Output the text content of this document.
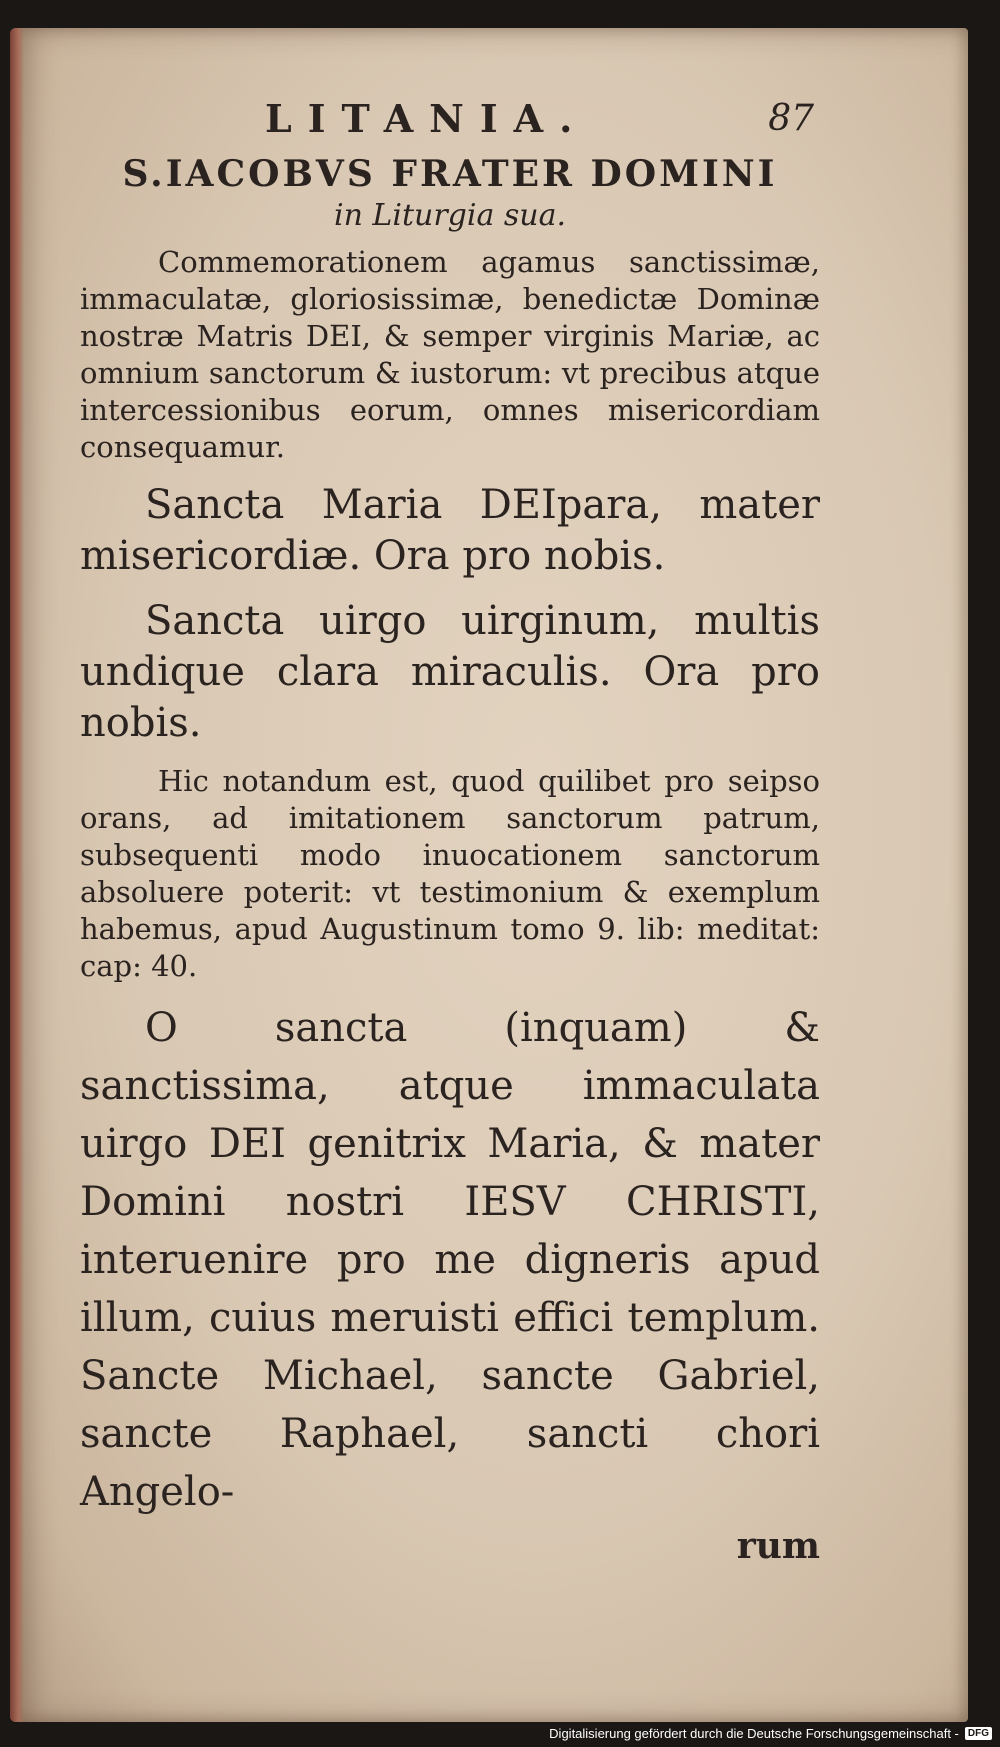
LITANIA.	87
S.IACOBVS FRATER DOMINI
in Liturgia sua.

Commemorationem agamus sanctissimæ, immaculatæ, gloriosissimæ, benedictæ Dominæ nostræ Matris DEI, & semper virginis Mariæ, ac omnium sanctorum & iustorum: vt precibus atque intercessionibus eorum, omnes misericordiam consequamur.

Sancta Maria DEIpara, mater misericordiæ. Ora pro nobis.

Sancta uirgo uirginum, multis undique clara miraculis. Ora pro nobis.

Hic notandum est, quod quilibet pro seipso orans, ad imitationem sanctorum patrum, subsequenti modo inuocationem sanctorum absoluere poterit: vt testimonium & exemplum habemus, apud Augustinum tomo 9. lib: meditat: cap: 40.

O sancta (inquam) & sanctissima, atque immaculata uirgo DEI genitrix Maria, & mater Domini nostri IESV CHRISTI, interuenire pro me digneris apud illum, cuius meruisti effici templum. Sancte Michael, sancte Gabriel, sancte Raphael, sancti chori Angelo-

rum
Digitalisierung gefördert durch die Deutsche Forschungsgemeinschaft - DFG
